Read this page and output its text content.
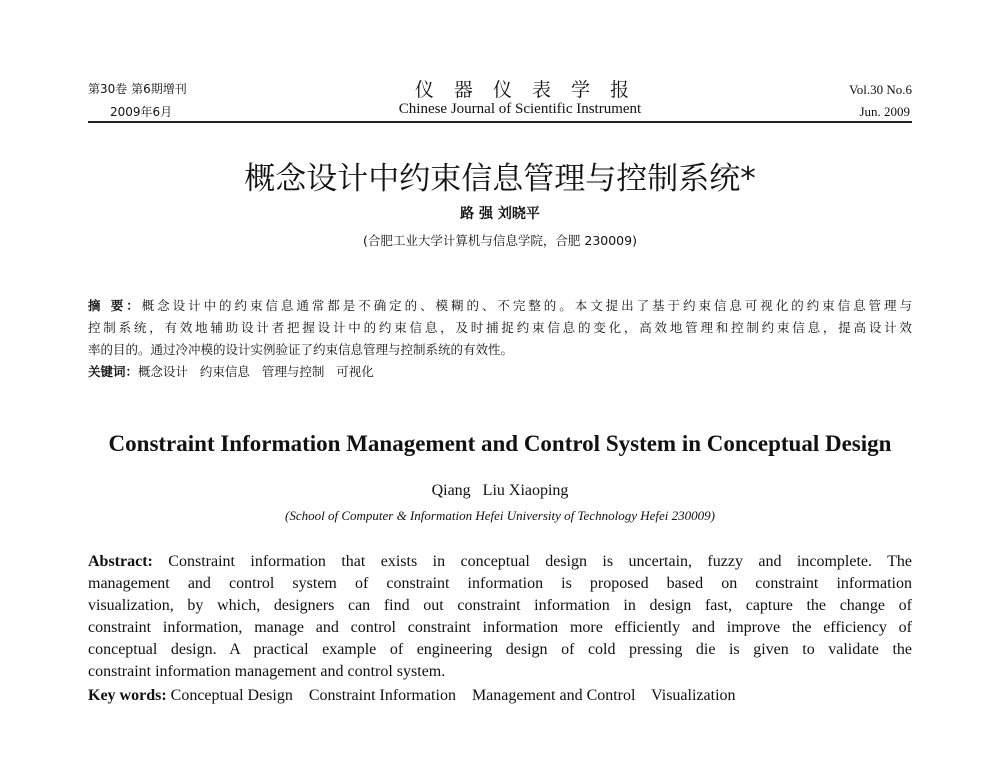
第30卷 第6期增刊
2009年6月
仪 器 仪 表 学 报
Chinese Journal of Scientific Instrument
Vol.30 No.6
Jun. 2009
概念设计中约束信息管理与控制系统*
路 强 刘晓平
(合肥工业大学计算机与信息学院，合肥 230009)
摘 要：概念设计中的约束信息通常都是不确定的、模糊的、不完整的。本文提出了基于约束信息可视化的约束信息管理与
控制系统，有效地辅助设计者把握设计中的约束信息，及时捕捉约束信息的变化，高效地管理和控制约束信息，提高设计效
率的目的。通过冷冲模的设计实例验证了约束信息管理与控制系统的有效性。
关键词：概念设计   约束信息   管理与控制   可视化
Constraint Information Management and Control System in Conceptual Design
Qiang   Liu Xiaoping
(School of Computer & Information Hefei University of Technology Hefei 230009)
Abstract: Constraint information that exists in conceptual design is uncertain, fuzzy and incomplete. The
management and control system of constraint information is proposed based on constraint information
visualization, by which, designers can find out constraint information in design fast, capture the change of
constraint information, manage and control constraint information more efficiently and improve the efficiency of
conceptual design. A practical example of engineering design of cold pressing die is given to validate the
constraint information management and control system.
Key words: Conceptual Design    Constraint Information    Management and Control    Visualization
